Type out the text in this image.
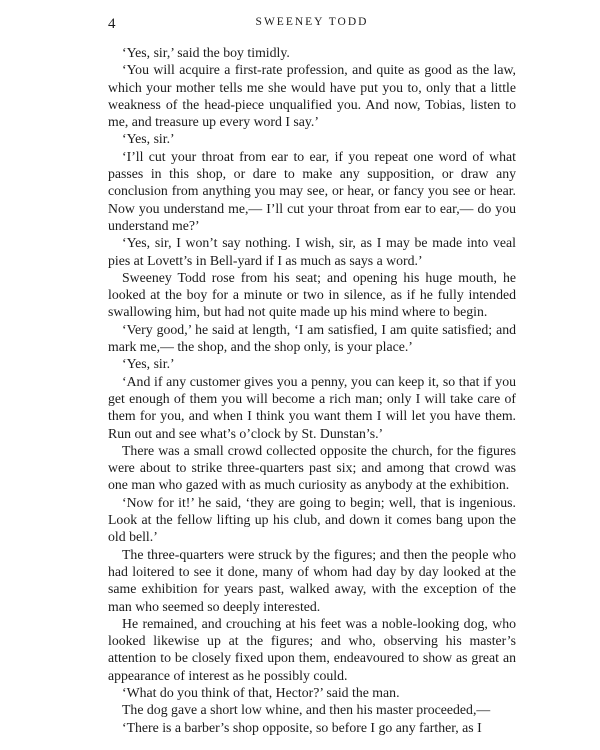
4	SWEENEY TODD

‘Yes, sir,’ said the boy timidly.

‘You will acquire a first-rate profession, and quite as good as the law, which your mother tells me she would have put you to, only that a little weakness of the head-piece unqualified you. And now, Tobias, listen to me, and treasure up every word I say.’

‘Yes, sir.’

‘I’ll cut your throat from ear to ear, if you repeat one word of what passes in this shop, or dare to make any supposition, or draw any conclusion from anything you may see, or hear, or fancy you see or hear. Now you understand me,— I’ll cut your throat from ear to ear,— do you understand me?’

‘Yes, sir, I won’t say nothing. I wish, sir, as I may be made into veal pies at Lovett’s in Bell-yard if I as much as says a word.’

Sweeney Todd rose from his seat; and opening his huge mouth, he looked at the boy for a minute or two in silence, as if he fully intended swallowing him, but had not quite made up his mind where to begin.

‘Very good,’ he said at length, ‘I am satisfied, I am quite satisfied; and mark me,— the shop, and the shop only, is your place.’

‘Yes, sir.’

‘And if any customer gives you a penny, you can keep it, so that if you get enough of them you will become a rich man; only I will take care of them for you, and when I think you want them I will let you have them. Run out and see what’s o’clock by St. Dunstan’s.’

There was a small crowd collected opposite the church, for the figures were about to strike three-quarters past six; and among that crowd was one man who gazed with as much curiosity as anybody at the exhibition.

‘Now for it!’ he said, ‘they are going to begin; well, that is ingenious. Look at the fellow lifting up his club, and down it comes bang upon the old bell.’

The three-quarters were struck by the figures; and then the people who had loitered to see it done, many of whom had day by day looked at the same exhibition for years past, walked away, with the exception of the man who seemed so deeply interested.

He remained, and crouching at his feet was a noble-looking dog, who looked likewise up at the figures; and who, observing his master’s attention to be closely fixed upon them, endeavoured to show as great an appearance of interest as he possibly could.

‘What do you think of that, Hector?’ said the man.

The dog gave a short low whine, and then his master proceeded,—

‘There is a barber’s shop opposite, so before I go any farther, as I
